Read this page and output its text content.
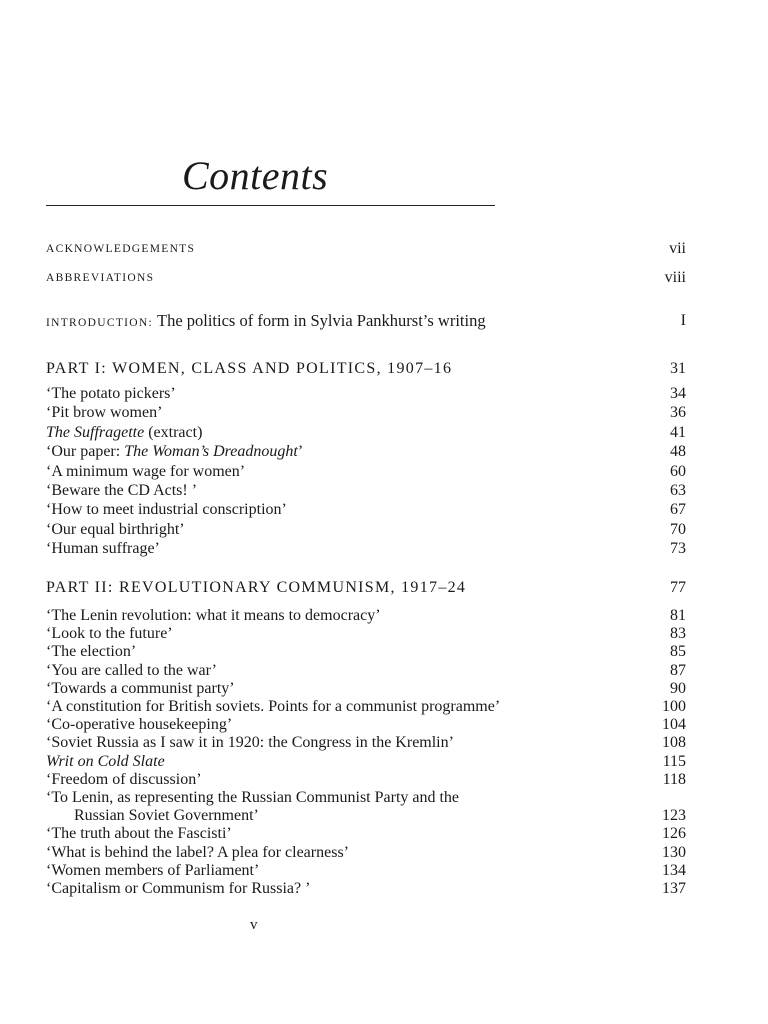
Contents
ACKNOWLEDGEMENTS	vii
ABBREVIATIONS	viii
INTRODUCTION: The politics of form in Sylvia Pankhurst’s writing	I
PART I: WOMEN, CLASS AND POLITICS, 1907–16	31
‘The potato pickers’	34
‘Pit brow women’	36
The Suffragette (extract)	41
‘Our paper: The Woman’s Dreadnought’	48
‘A minimum wage for women’	60
‘Beware the CD Acts! ’	63
‘How to meet industrial conscription’	67
‘Our equal birthright’	70
‘Human suffrage’	73
PART II: REVOLUTIONARY COMMUNISM, 1917–24	77
‘The Lenin revolution: what it means to democracy’	81
‘Look to the future’	83
‘The election’	85
‘You are called to the war’	87
‘Towards a communist party’	90
‘A constitution for British soviets. Points for a communist programme’	100
‘Co-operative housekeeping’	104
‘Soviet Russia as I saw it in 1920: the Congress in the Kremlin’	108
Writ on Cold Slate	115
‘Freedom of discussion’	118
‘To Lenin, as representing the Russian Communist Party and the
Russian Soviet Government’	123
‘The truth about the Fascisti’	126
‘What is behind the label? A plea for clearness’	130
‘Women members of Parliament’	134
‘Capitalism or Communism for Russia? ’	137
v
